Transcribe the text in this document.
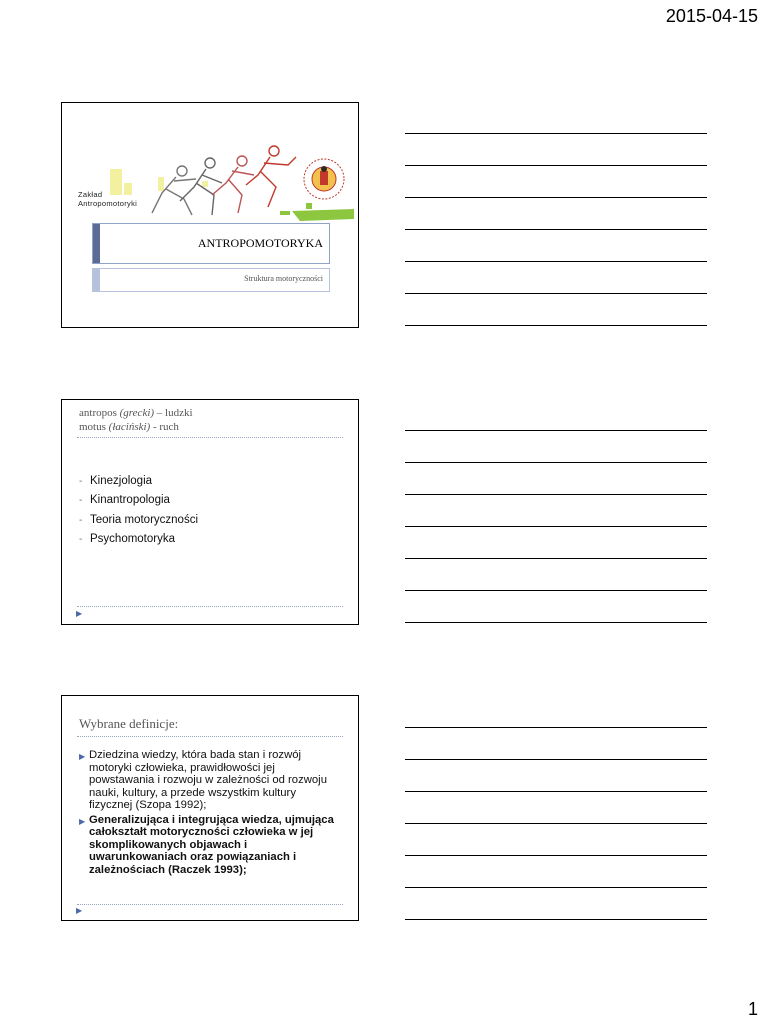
2015-04-15
Zakład
Antropomotoryki
ANTROPOMOTORYKA
Struktura motoryczności
antropos (grecki) – ludzki
motus (łaciński) - ruch
- Kinezjologia
- Kinantropologia
- Teoria motoryczności
- Psychomotoryka
▶
Wybrane definicje:
▶ Dziedzina wiedzy, która bada stan i rozwój motoryki człowieka, prawidłowości jej powstawania i rozwoju w zależności od rozwoju nauki, kultury, a przede wszystkim kultury fizycznej (Szopa 1992);
▶ Generalizująca i integrująca wiedza, ujmująca całokształt motoryczności człowieka w jej skomplikowanych objawach i uwarunkowaniach oraz powiązaniach i zależnościach (Raczek 1993);
▶
1
